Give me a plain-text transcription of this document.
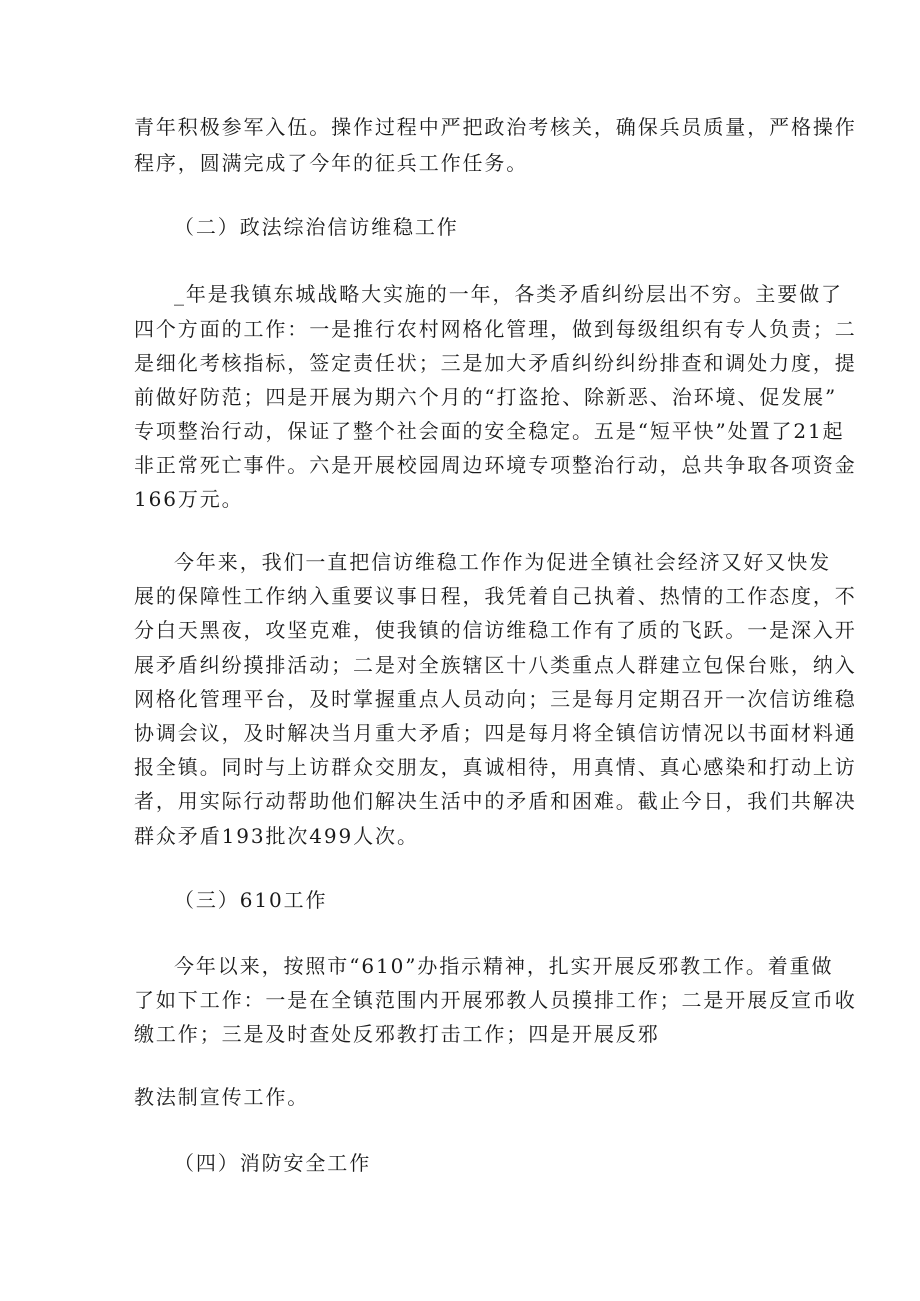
青年积极参军入伍。操作过程中严把政治考核关，确保兵员质量，严格操作

程序，圆满完成了今年的征兵工作任务。

（二）政法综治信访维稳工作

_年是我镇东城战略大实施的一年，各类矛盾纠纷层出不穷。主要做了

四个方面的工作：一是推行农村网格化管理，做到每级组织有专人负责；二

是细化考核指标，签定责任状；三是加大矛盾纠纷纠纷排查和调处力度，提

前做好防范；四是开展为期六个月的“打盗抢、除新恶、治环境、促发展”

专项整治行动，保证了整个社会面的安全稳定。五是“短平快”处置了21起

非正常死亡事件。六是开展校园周边环境专项整治行动，总共争取各项资金

166万元。

今年来，我们一直把信访维稳工作作为促进全镇社会经济又好又快发

展的保障性工作纳入重要议事日程，我凭着自己执着、热情的工作态度，不

分白天黑夜，攻坚克难，使我镇的信访维稳工作有了质的飞跃。一是深入开

展矛盾纠纷摸排活动；二是对全族辖区十八类重点人群建立包保台账，纳入

网格化管理平台，及时掌握重点人员动向；三是每月定期召开一次信访维稳

协调会议，及时解决当月重大矛盾；四是每月将全镇信访情况以书面材料通

报全镇。同时与上访群众交朋友，真诚相待，用真情、真心感染和打动上访

者，用实际行动帮助他们解决生活中的矛盾和困难。截止今日，我们共解决

群众矛盾193批次499人次。

（三）610工作

今年以来，按照市“610”办指示精神，扎实开展反邪教工作。着重做

了如下工作：一是在全镇范围内开展邪教人员摸排工作；二是开展反宣币收

缴工作；三是及时查处反邪教打击工作；四是开展反邪

教法制宣传工作。

（四）消防安全工作
